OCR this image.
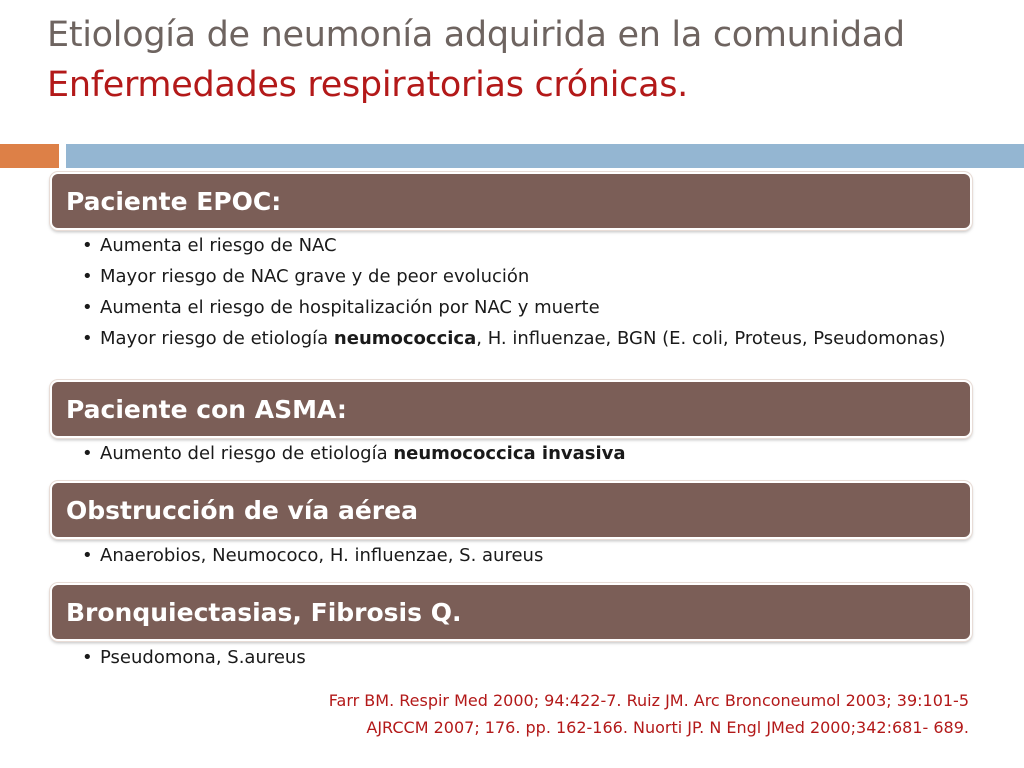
Etiología de neumonía adquirida en la comunidad
Enfermedades respiratorias crónicas.
Paciente EPOC:
• Aumenta el riesgo de NAC
• Mayor riesgo de NAC grave y de peor evolución
• Aumenta el riesgo de hospitalización por NAC y muerte
• Mayor riesgo de etiología neumococcica, H. influenzae, BGN (E. coli, Proteus, Pseudomonas)
Paciente con ASMA:
• Aumento del riesgo de etiología neumococcica invasiva
Obstrucción de vía aérea
• Anaerobios, Neumococo, H. influenzae, S. aureus
Bronquiectasias, Fibrosis Q.
• Pseudomona, S.aureus
Farr BM. Respir Med 2000; 94:422-7. Ruiz JM. Arc Bronconeumol 2003; 39:101-5
AJRCCM 2007; 176. pp. 162-166. Nuorti JP. N Engl JMed 2000;342:681- 689.
